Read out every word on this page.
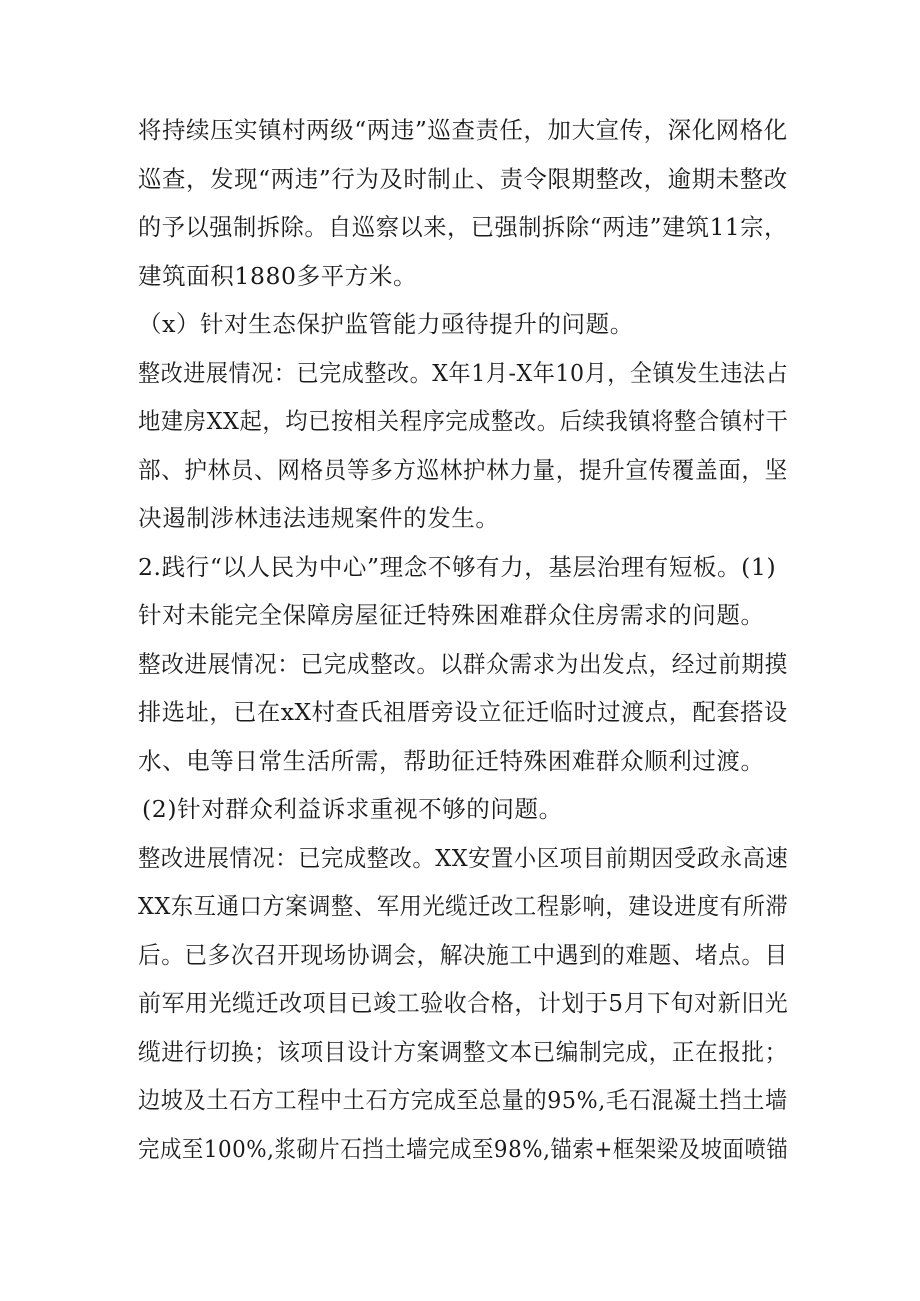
将持续压实镇村两级“两违”巡查责任，加大宣传，深化网格化
巡查，发现“两违”行为及时制止、责令限期整改，逾期未整改
的予以强制拆除。自巡察以来，已强制拆除“两违”建筑11宗，
建筑面积1880多平方米。
（x）针对生态保护监管能力亟待提升的问题。
整改进展情况：已完成整改。X年1月-X年10月，全镇发生违法占
地建房XX起，均已按相关程序完成整改。后续我镇将整合镇村干
部、护林员、网格员等多方巡林护林力量，提升宣传覆盖面，坚
决遏制涉林违法违规案件的发生。
2.践行“以人民为中心”理念不够有力，基层治理有短板。(1)
针对未能完全保障房屋征迁特殊困难群众住房需求的问题。
整改进展情况：已完成整改。以群众需求为出发点，经过前期摸
排选址，已在xX村查氏祖厝旁设立征迁临时过渡点，配套搭设
水、电等日常生活所需，帮助征迁特殊困难群众顺利过渡。
(2)针对群众利益诉求重视不够的问题。
整改进展情况：已完成整改。XX安置小区项目前期因受政永高速
XX东互通口方案调整、军用光缆迁改工程影响，建设进度有所滞
后。已多次召开现场协调会，解决施工中遇到的难题、堵点。目
前军用光缆迁改项目已竣工验收合格，计划于5月下旬对新旧光
缆进行切换；该项目设计方案调整文本已编制完成，正在报批；
边坡及土石方工程中土石方完成至总量的95%,毛石混凝土挡土墙
完成至100%,浆砌片石挡土墙完成至98%,锚索+框架梁及坡面喷锚
